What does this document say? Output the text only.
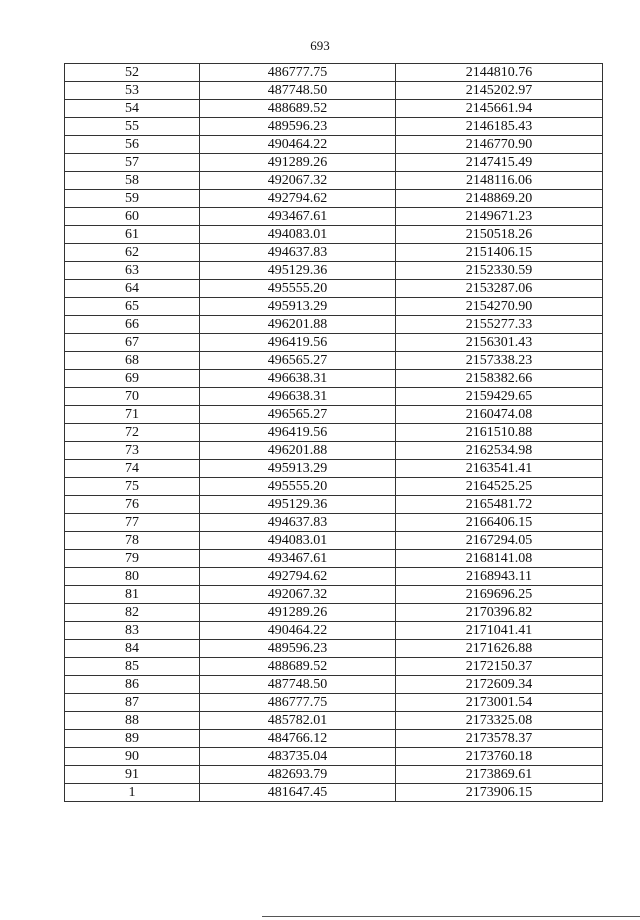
693
52	486777.75	2144810.76
53	487748.50	2145202.97
54	488689.52	2145661.94
55	489596.23	2146185.43
56	490464.22	2146770.90
57	491289.26	2147415.49
58	492067.32	2148116.06
59	492794.62	2148869.20
60	493467.61	2149671.23
61	494083.01	2150518.26
62	494637.83	2151406.15
63	495129.36	2152330.59
64	495555.20	2153287.06
65	495913.29	2154270.90
66	496201.88	2155277.33
67	496419.56	2156301.43
68	496565.27	2157338.23
69	496638.31	2158382.66
70	496638.31	2159429.65
71	496565.27	2160474.08
72	496419.56	2161510.88
73	496201.88	2162534.98
74	495913.29	2163541.41
75	495555.20	2164525.25
76	495129.36	2165481.72
77	494637.83	2166406.15
78	494083.01	2167294.05
79	493467.61	2168141.08
80	492794.62	2168943.11
81	492067.32	2169696.25
82	491289.26	2170396.82
83	490464.22	2171041.41
84	489596.23	2171626.88
85	488689.52	2172150.37
86	487748.50	2172609.34
87	486777.75	2173001.54
88	485782.01	2173325.08
89	484766.12	2173578.37
90	483735.04	2173760.18
91	482693.79	2173869.61
1	481647.45	2173906.15
